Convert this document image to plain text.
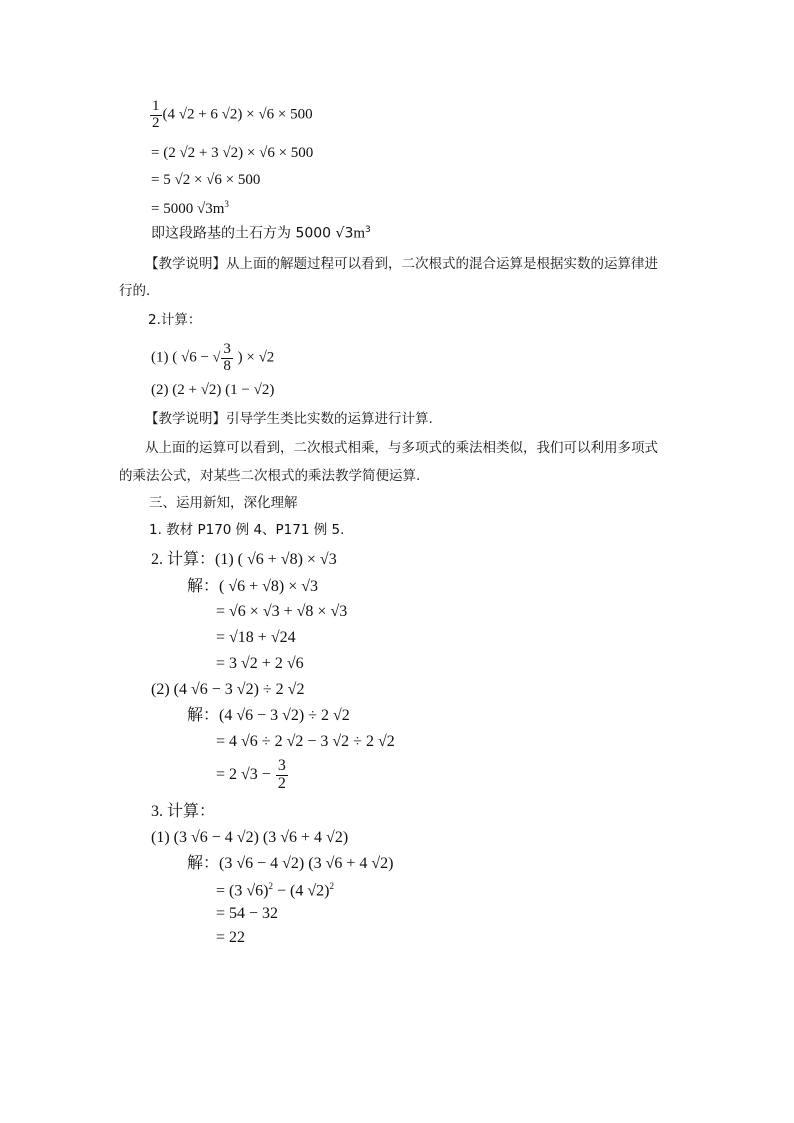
$\frac{1}{2} (4$ √2 + 6 √2) × √6 × 500
= (2 √2 + 3 √2) × √6 × 500
= 5 √2 × √6 × 500
= 5000 $√3m^3$
即这段路基的土石方为 5000 $√3m^3$
【教学说明】从上面的解题过程可以看到，二次根式的混合运算是根据实数的运算律进
行的.
2.计算：
(1) ( √6 − √ $\frac{3}{8}$ ) × √2
(2) (2 + √2) (1 − √2)
【教学说明】引导学生类比实数的运算进行计算.
从上面的运算可以看到，二次根式相乘，与多项式的乘法相类似，我们可以利用多项式
的乘法公式，对某些二次根式的乘法教学简便运算.
三、运用新知，深化理解
1. 教材 P170 例 4、P171 例 5.
2. 计算：(1) ( √6 + √8) × √3
解：( √6 + √8) × √3
= √6 × √3 + √8 × √3
= √18 + √24
= 3 √2 + 2 √6
(2) (4 √6 − 3 √2) ÷ 2 √2
解：(4 √6 − 3 √2) ÷ 2 √2
= 4 √6 ÷ 2 √2 − 3 √2 ÷ 2 √2
= 2 $√3 - \frac{3}{2}$
3. 计算：
(1) (3 √6 − 4 √2) (3 √6 + 4 √2)
解：(3 √6 − 4 √2) (3 √6 + 4 √2)
= (3 √6)$^2$ − (4 √2)$^2$
= 54 − 32
= 22
